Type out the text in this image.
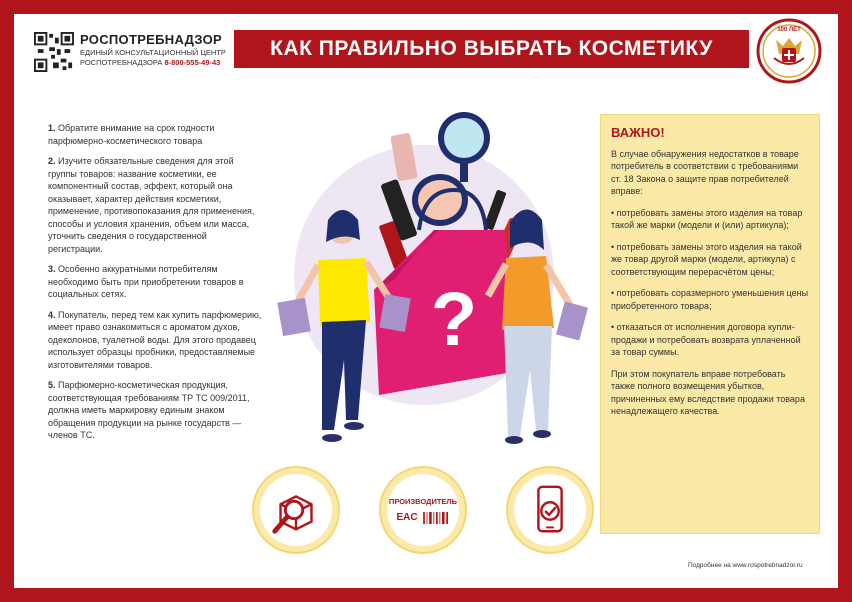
РОСПОТРЕБНАДЗОР
ЕДИНЫЙ КОНСУЛЬТАЦИОННЫЙ ЦЕНТР
РОСПОТРЕБНАДЗОРА 8-800-555-49-43
КАК ПРАВИЛЬНО ВЫБРАТЬ КОСМЕТИКУ
100 ЛЕТ

1. Обратите внимание на срок годности парфюмерно-косметического товара

2. Изучите обязательные сведения для этой группы товаров: название косметики, ее компонентный состав, эффект, который она оказывает, характер действия косметики, применение, противопоказания для применения, способы и условия хранения, объем или масса, уточнить сведения о государственной регистрации.

3. Особенно аккуратными потребителям необходимо быть при приобретении товаров в социальных сетях.

4. Покупатель, перед тем как купить парфюмерию, имеет право ознакомиться с ароматом духов, одеколонов, туалетной воды. Для этого продавец использует образцы пробники, предоставляемые изготовителями товаров.

5. Парфюмерно-косметическая продукция, соответствующая требованиям ТР ТС 009/2011, должна иметь маркировку единым знаком обращения продукции на рынке государств — членов ТС.

?
ВАЖНО!

В случае обнаружения недостатков в товаре потребитель в соответствии с требованиями ст. 18 Закона о защите прав потребителей вправе:

• потребовать замены этого изделия на товар такой же марки (модели и (или) артикула);

• потребовать замены этого изделия на такой же товар другой марки (модели, артикула) с соответствующим перерасчётом цены;

• потребовать соразмерного уменьшения цены приобретенного товара;

• отказаться от исполнения договора купли-продажи и потребовать возврата уплаченной за товар суммы.

При этом покупатель вправе потребовать также полного возмещения убытков, причиненных ему вследствие продажи товара ненадлежащего качества.

ПРОИЗВОДИТЕЛЬ
EAC
Подробнее на www.rospotrebnadzor.ru
